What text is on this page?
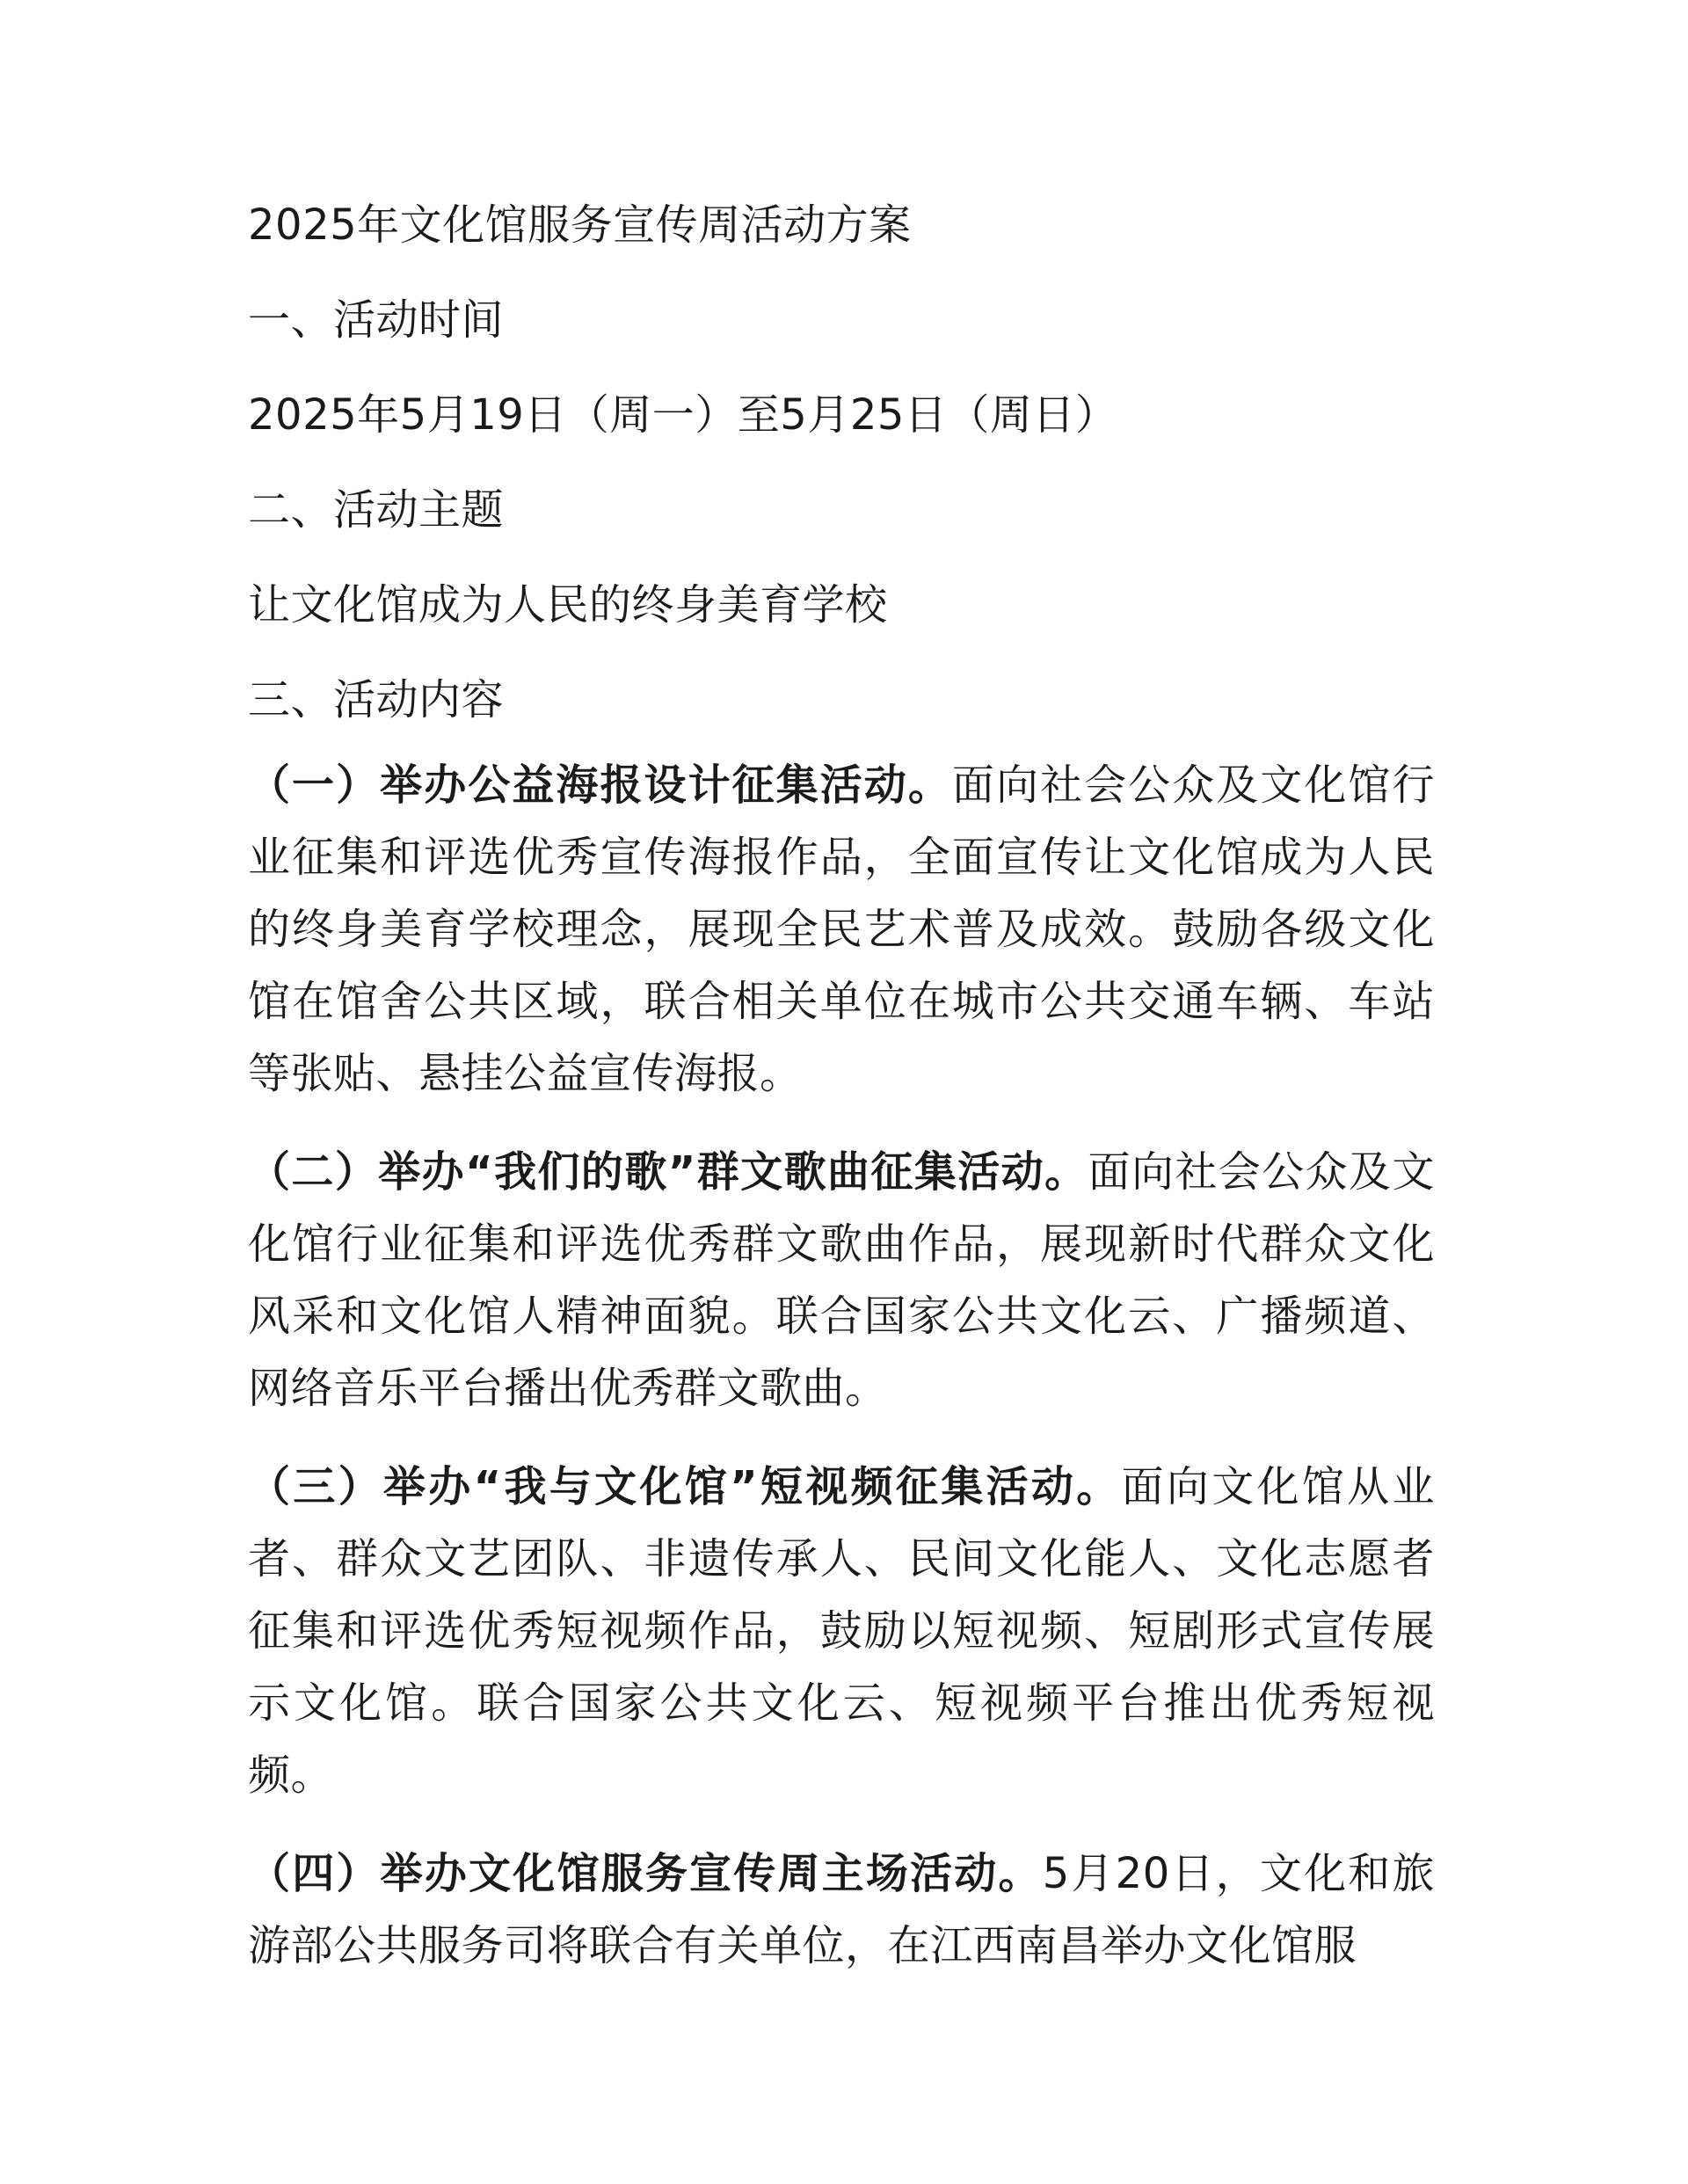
2025年文化馆服务宣传周活动方案

一、活动时间

2025年5月19日（周一）至5月25日（周日）

二、活动主题

让文化馆成为人民的终身美育学校

三、活动内容

（一）举办公益海报设计征集活动。面向社会公众及文化馆行业征集和评选优秀宣传海报作品，全面宣传让文化馆成为人民的终身美育学校理念，展现全民艺术普及成效。鼓励各级文化馆在馆舍公共区域，联合相关单位在城市公共交通车辆、车站等张贴、悬挂公益宣传海报。

（二）举办“我们的歌”群文歌曲征集活动。面向社会公众及文化馆行业征集和评选优秀群文歌曲作品，展现新时代群众文化风采和文化馆人精神面貌。联合国家公共文化云、广播频道、网络音乐平台播出优秀群文歌曲。

（三）举办“我与文化馆”短视频征集活动。面向文化馆从业者、群众文艺团队、非遗传承人、民间文化能人、文化志愿者征集和评选优秀短视频作品，鼓励以短视频、短剧形式宣传展示文化馆。联合国家公共文化云、短视频平台推出优秀短视频。

（四）举办文化馆服务宣传周主场活动。5月20日，文化和旅游部公共服务司将联合有关单位，在江西南昌举办文化馆服
